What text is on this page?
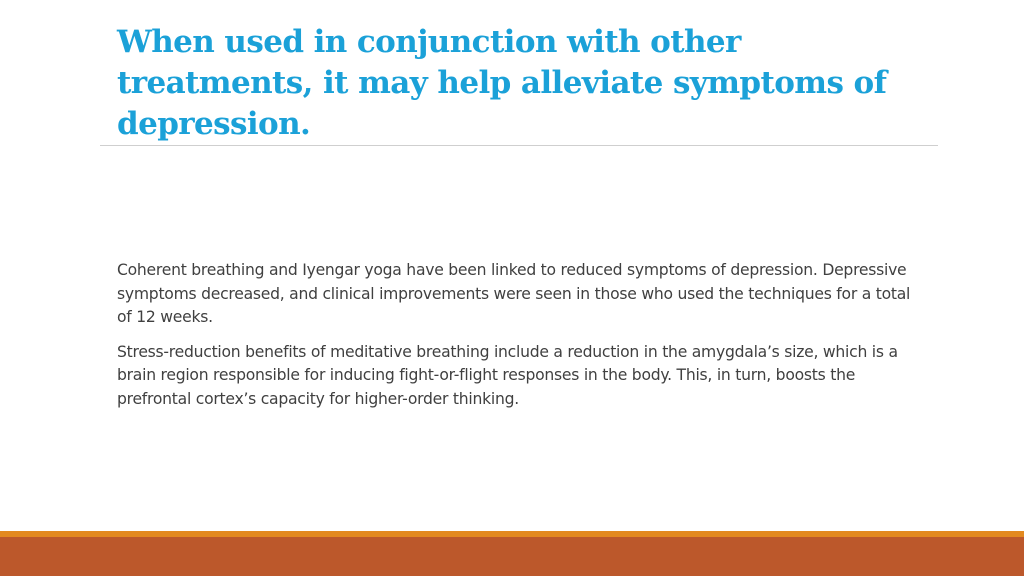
When used in conjunction with other treatments, it may help alleviate symptoms of depression.

Coherent breathing and Iyengar yoga have been linked to reduced symptoms of depression. Depressive symptoms decreased, and clinical improvements were seen in those who used the techniques for a total of 12 weeks.

Stress-reduction benefits of meditative breathing include a reduction in the amygdala’s size, which is a brain region responsible for inducing fight-or-flight responses in the body. This, in turn, boosts the prefrontal cortex’s capacity for higher-order thinking.
